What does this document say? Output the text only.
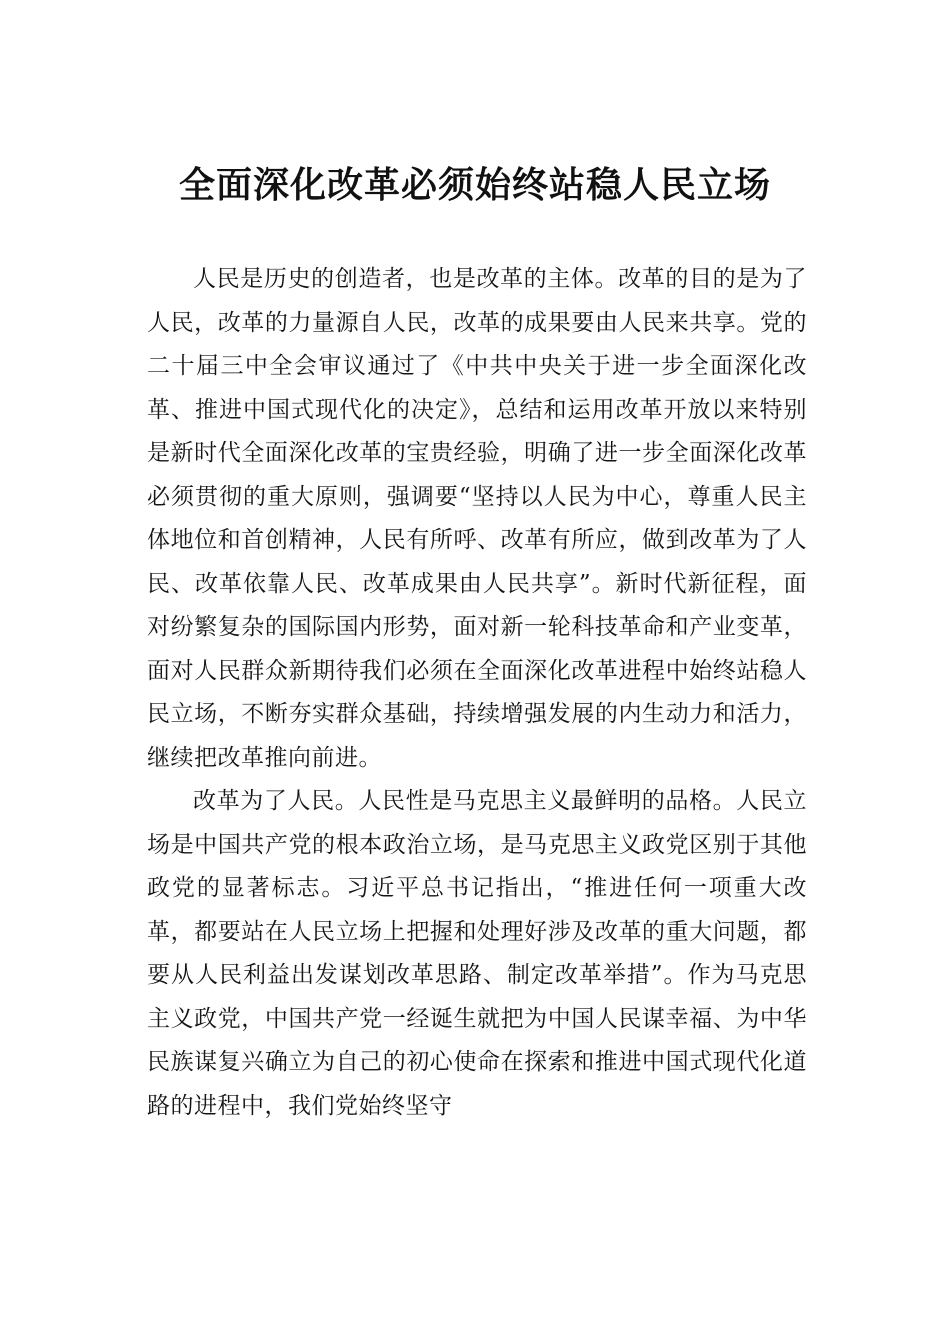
全面深化改革必须始终站稳人民立场

人民是历史的创造者，也是改革的主体。改革的目的是为了人民，改革的力量源自人民，改革的成果要由人民来共享。党的二十届三中全会审议通过了《中共中央关于进一步全面深化改革、推进中国式现代化的决定》，总结和运用改革开放以来特别是新时代全面深化改革的宝贵经验，明确了进一步全面深化改革必须贯彻的重大原则，强调要“坚持以人民为中心，尊重人民主体地位和首创精神，人民有所呼、改革有所应，做到改革为了人民、改革依靠人民、改革成果由人民共享”。新时代新征程，面对纷繁复杂的国际国内形势，面对新一轮科技革命和产业变革，面对人民群众新期待我们必须在全面深化改革进程中始终站稳人民立场，不断夯实群众基础，持续增强发展的内生动力和活力，继续把改革推向前进。

改革为了人民。人民性是马克思主义最鲜明的品格。人民立场是中国共产党的根本政治立场，是马克思主义政党区别于其他政党的显著标志。习近平总书记指出，“推进任何一项重大改革，都要站在人民立场上把握和处理好涉及改革的重大问题，都要从人民利益出发谋划改革思路、制定改革举措”。作为马克思主义政党，中国共产党一经诞生就把为中国人民谋幸福、为中华民族谋复兴确立为自己的初心使命在探索和推进中国式现代化道路的进程中，我们党始终坚守
